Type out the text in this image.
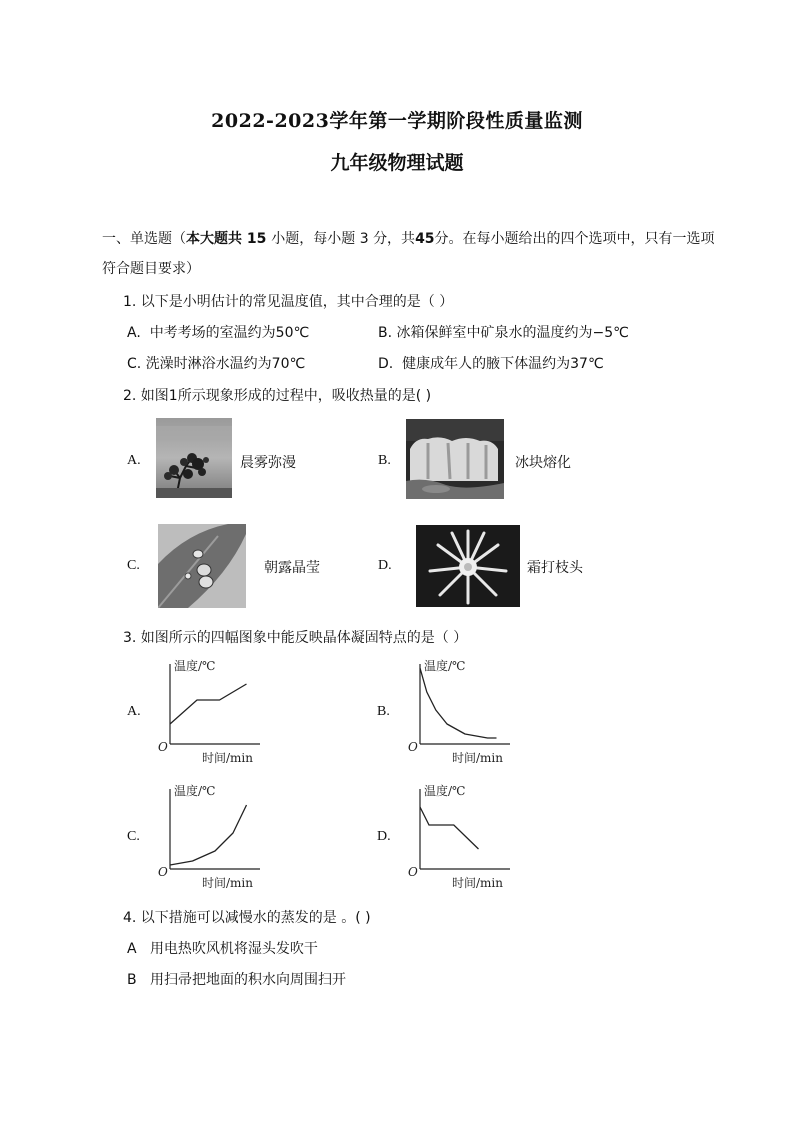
2022-2023学年第一学期阶段性质量监测
九年级物理试题
一、单选题（本大题共 15 小题，每小题 3 分，共45分。在每小题给出的四个选项中，只有一选项
符合题目要求）
1. 以下是小明估计的常见温度值，其中合理的是（ ）
A. 中考考场的室温约为50℃	B. 冰箱保鲜室中矿泉水的温度约为−5℃
C. 洗澡时淋浴水温约为70℃	D. 健康成年人的腋下体温约为37℃
2. 如图1所示现象形成的过程中，吸收热量的是( )
A.	晨雾弥漫	B.	冰块熔化
C.	朝露晶莹	D.	霜打枝头
3. 如图所示的四幅图象中能反映晶体凝固特点的是（ ）
A.	B.
C.	D.
温度/℃
时间/min
O
温度/℃
时间/min
O
温度/℃
时间/min
O
温度/℃
时间/min
O
4. 以下措施可以减慢水的蒸发的是 。( )
A 用电热吹风机将湿头发吹干
B 用扫帚把地面的积水向周围扫开
